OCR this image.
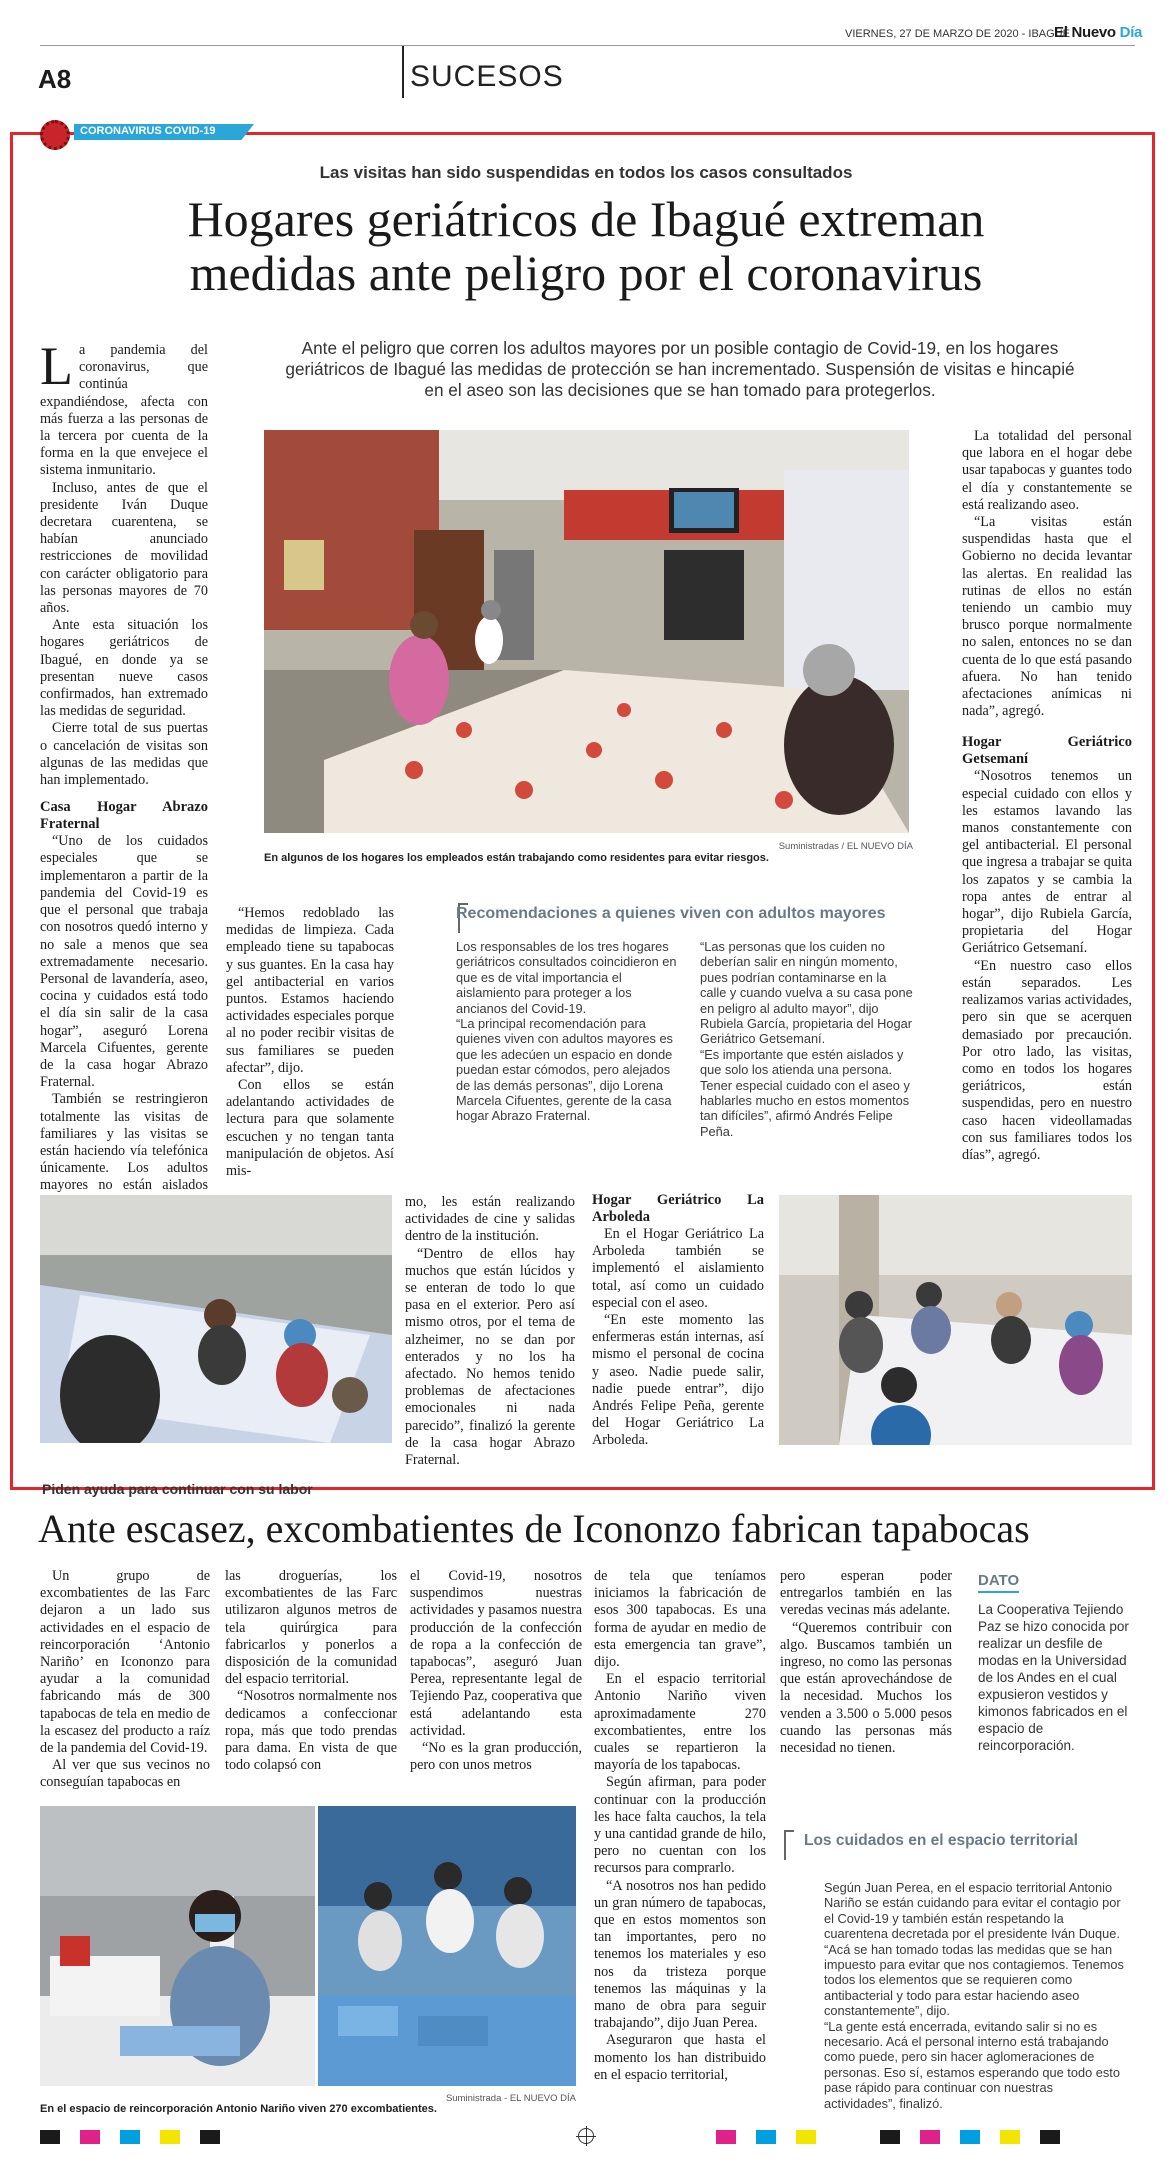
VIERNES, 27 DE MARZO DE 2020 - IBAGUÉ
El Nuevo Día
A8	SUCESOS
CORONAVIRUS COVID-19
Las visitas han sido suspendidas en todos los casos consultados
Hogares geriátricos de Ibagué extreman
medidas ante peligro por el coronavirus
Ante el peligro que corren los adultos mayores por un posible contagio de Covid-19, en los hogares geriátricos de Ibagué las medidas de protección se han incrementado. Suspensión de visitas e hincapié en el aseo son las decisiones que se han tomado para protegerlos.

La pandemia del coronavirus, que continúa expandiéndose, afecta con más fuerza a las personas de la tercera por cuenta de la forma en la que envejece el sistema inmunitario.

Incluso, antes de que el presidente Iván Duque decretara cuarentena, se habían anunciado restricciones de movilidad con carácter obligatorio para las personas mayores de 70 años.

Ante esta situación los hogares geriátricos de Ibagué, en donde ya se presentan nueve casos confirmados, han extremado las medidas de seguridad.

Cierre total de sus puertas o cancelación de visitas son algunas de las medidas que han implementado.

Casa Hogar Abrazo Fraternal

“Uno de los cuidados especiales que se implementaron a partir de la pandemia del Covid-19 es que el personal que trabaja con nosotros quedó interno y no sale a menos que sea extremadamente necesario. Personal de lavandería, aseo, cocina y cuidados está todo el día sin salir de la casa hogar”, aseguró Lorena Marcela Cifuentes, gerente de la casa hogar Abrazo Fraternal.

También se restringieron totalmente las visitas de familiares y las visitas se están haciendo vía telefónica únicamente. Los adultos mayores no están aislados

En algunos de los hogares los empleados están trabajando como residentes para evitar riesgos.
Suministradas / EL NUEVO DÍA

“Hemos redoblado las medidas de limpieza. Cada empleado tiene su tapabocas y sus guantes. En la casa hay gel antibacterial en varios puntos. Estamos haciendo actividades especiales porque al no poder recibir visitas de sus familiares se pueden afectar”, dijo.

Con ellos se están adelantando actividades de lectura para que solamente escuchen y no tengan tanta manipulación de objetos. Así mis-

Recomendaciones a quienes viven con adultos mayores

Los responsables de los tres hogares geriátricos consultados coincidieron en que es de vital importancia el aislamiento para proteger a los ancianos del Covid-19.

“La principal recomendación para quienes viven con adultos mayores es que les adecúen un espacio en donde puedan estar cómodos, pero alejados de las demás personas”, dijo Lorena Marcela Cifuentes, gerente de la casa hogar Abrazo Fraternal.

“Las personas que los cuiden no deberían salir en ningún momento, pues podrían contaminarse en la calle y cuando vuelva a su casa pone en peligro al adulto mayor”, dijo Rubiela García, propietaria del Hogar Geriátrico Getsemaní.

“Es importante que estén aislados y que solo los atienda una persona. Tener especial cuidado con el aseo y hablarles mucho en estos momentos tan difíciles”, afirmó Andrés Felipe Peña.

La totalidad del personal que labora en el hogar debe usar tapabocas y guantes todo el día y constantemente se está realizando aseo.

“La visitas están suspendidas hasta que el Gobierno no decida levantar las alertas. En realidad las rutinas de ellos no están teniendo un cambio muy brusco porque normalmente no salen, entonces no se dan cuenta de lo que está pasando afuera. No han tenido afectaciones anímicas ni nada”, agregó.

Hogar Geriátrico Getsemaní

“Nosotros tenemos un especial cuidado con ellos y les estamos lavando las manos constantemente con gel antibacterial. El personal que ingresa a trabajar se quita los zapatos y se cambia la ropa antes de entrar al hogar”, dijo Rubiela García, propietaria del Hogar Geriátrico Getsemaní.

“En nuestro caso ellos están separados. Les realizamos varias actividades, pero sin que se acerquen demasiado por precaución. Por otro lado, las visitas, como en todos los hogares geriátricos, están suspendidas, pero en nuestro caso hacen videollamadas con sus familiares todos los días”, agregó.

mo, les están realizando actividades de cine y salidas dentro de la institución.

“Dentro de ellos hay muchos que están lúcidos y se enteran de todo lo que pasa en el exterior. Pero así mismo otros, por el tema de alzheimer, no se dan por enterados y no los ha afectado. No hemos tenido problemas de afectaciones emocionales ni nada parecido”, finalizó la gerente de la casa hogar Abrazo Fraternal.

Hogar Geriátrico La Arboleda

En el Hogar Geriátrico La Arboleda también se implementó el aislamiento total, así como un cuidado especial con el aseo.

“En este momento las enfermeras están internas, así mismo el personal de cocina y aseo. Nadie puede salir, nadie puede entrar”, dijo Andrés Felipe Peña, gerente del Hogar Geriátrico La Arboleda.

Piden ayuda para continuar con su labor
Ante escasez, excombatientes de Icononzo fabrican tapabocas

Un grupo de excombatientes de las Farc dejaron a un lado sus actividades en el espacio de reincorporación ‘Antonio Nariño’ en Icononzo para ayudar a la comunidad fabricando más de 300 tapabocas de tela en medio de la escasez del producto a raíz de la pandemia del Covid-19.

Al ver que sus vecinos no conseguían tapabocas en

las droguerías, los excombatientes de las Farc utilizaron algunos metros de tela quirúrgica para fabricarlos y ponerlos a disposición de la comunidad del espacio territorial.

“Nosotros normalmente nos dedicamos a confeccionar ropa, más que todo prendas para dama. En vista de que todo colapsó con

el Covid-19, nosotros suspendimos nuestras actividades y pasamos nuestra producción de la confección de ropa a la confección de tapabocas”, aseguró Juan Perea, representante legal de Tejiendo Paz, cooperativa que está adelantando esta actividad.

“No es la gran producción, pero con unos metros

de tela que teníamos iniciamos la fabricación de esos 300 tapabocas. Es una forma de ayudar en medio de esta emergencia tan grave”, dijo.

En el espacio territorial Antonio Nariño viven aproximadamente 270 excombatientes, entre los cuales se repartieron la mayoría de los tapabocas.

Según afirman, para poder continuar con la producción les hace falta cauchos, la tela y una cantidad grande de hilo, pero no cuentan con los recursos para comprarlo.

“A nosotros nos han pedido un gran número de tapabocas, que en estos momentos son tan importantes, pero no tenemos los materiales y eso nos da tristeza porque tenemos las máquinas y la mano de obra para seguir trabajando”, dijo Juan Perea.

Aseguraron que hasta el momento los han distribuido en el espacio territorial,

pero esperan poder entregarlos también en las veredas vecinas más adelante.

“Queremos contribuir con algo. Buscamos también un ingreso, no como las personas que están aprovechándose de la necesidad. Muchos los venden a 3.500 o 5.000 pesos cuando las personas más necesidad no tienen.

DATO
La Cooperativa Tejiendo Paz se hizo conocida por realizar un desfile de modas en la Universidad de los Andes en el cual expusieron vestidos y kimonos fabricados en el espacio de reincorporación.
En el espacio de reincorporación Antonio Nariño viven 270 excombatientes.
Suministrada - EL NUEVO DÍA
Los cuidados en el espacio territorial

Según Juan Perea, en el espacio territorial Antonio Nariño se están cuidando para evitar el contagio por el Covid-19 y también están respetando la cuarentena decretada por el presidente Iván Duque.

“Acá se han tomado todas las medidas que se han impuesto para evitar que nos contagiemos. Tenemos todos los elementos que se requieren como antibacterial y todo para estar haciendo aseo constantemente”, dijo.

“La gente está encerrada, evitando salir si no es necesario. Acá el personal interno está trabajando como puede, pero sin hacer aglomeraciones de personas. Eso sí, estamos esperando que todo esto pase rápido para continuar con nuestras actividades”, finalizó.
